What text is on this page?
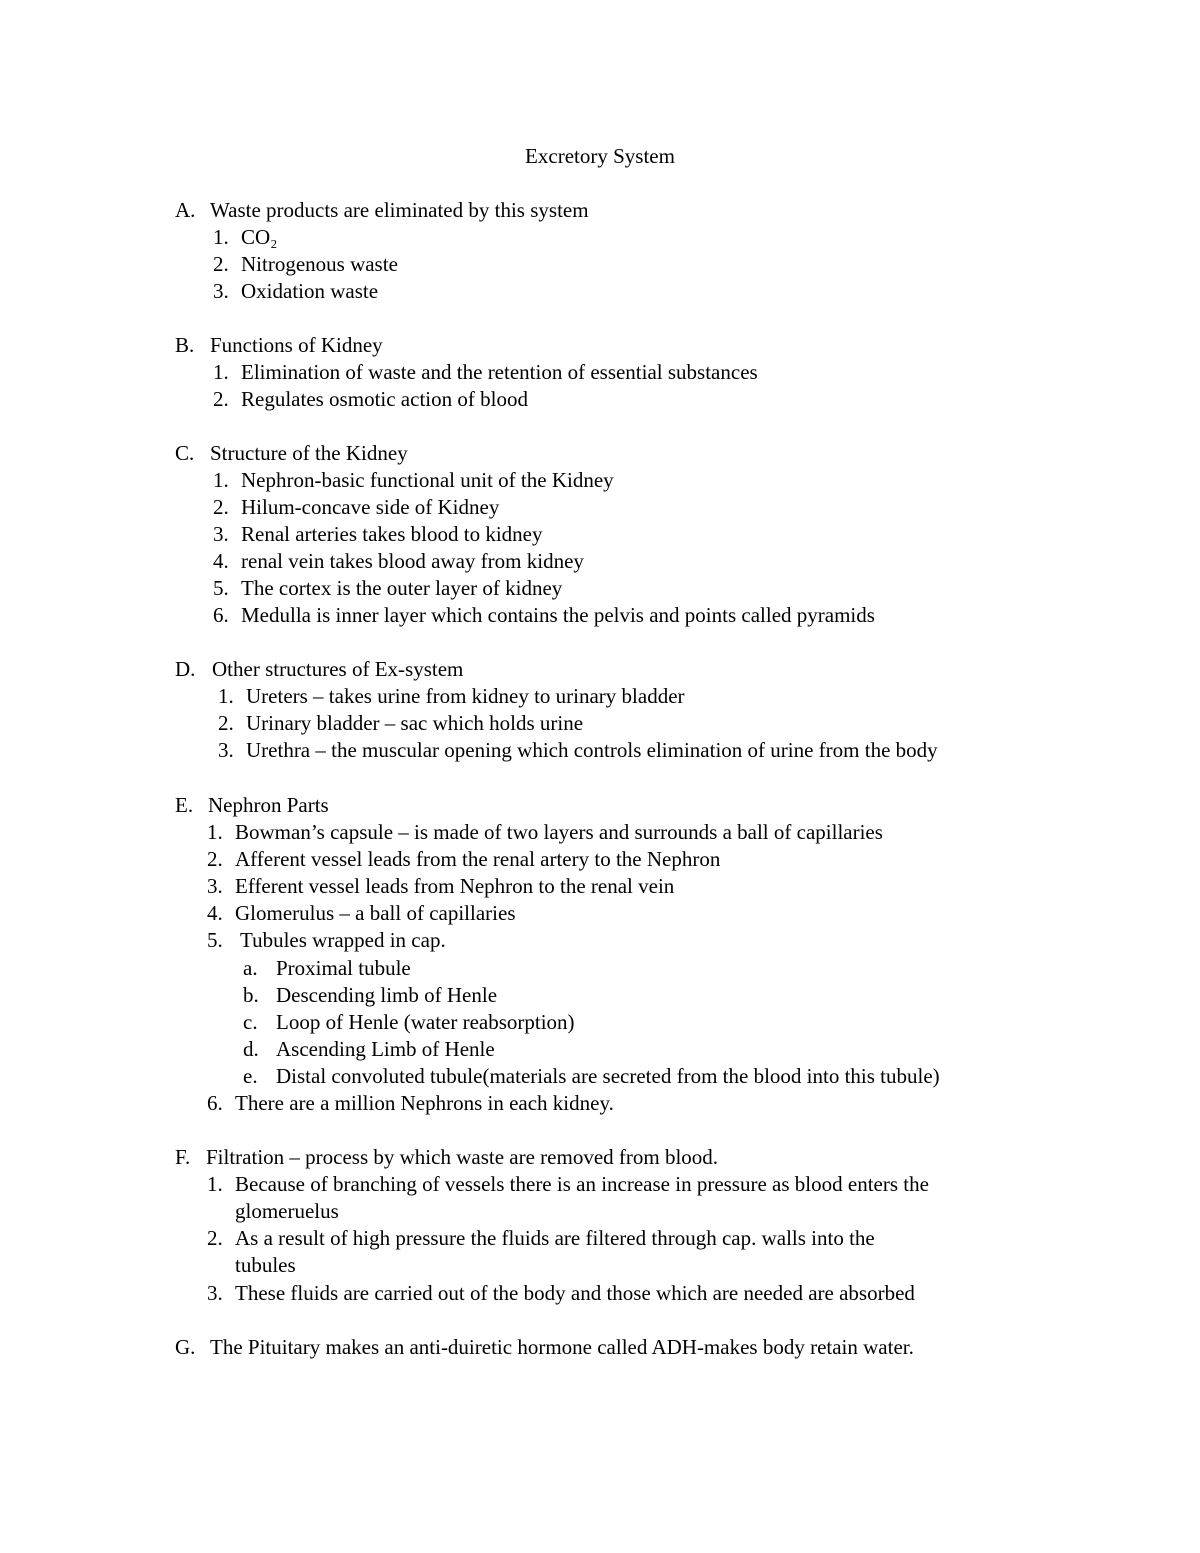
Excretory System
A. Waste products are eliminated by this system
1. CO₂
2. Nitrogenous waste
3. Oxidation waste
B. Functions of Kidney
1. Elimination of waste and the retention of essential substances
2. Regulates osmotic action of blood
C. Structure of the Kidney
1. Nephron-basic functional unit of the Kidney
2. Hilum-concave side of Kidney
3. Renal arteries takes blood to kidney
4. renal vein takes blood away from kidney
5. The cortex is the outer layer of kidney
6. Medulla is inner layer which contains the pelvis and points called pyramids
D. Other structures of Ex-system
1. Ureters – takes urine from kidney to urinary bladder
2. Urinary bladder – sac which holds urine
3. Urethra – the muscular opening which controls elimination of urine from the body
E. Nephron Parts
1. Bowman’s capsule – is made of two layers and surrounds a ball of capillaries
2. Afferent vessel leads from the renal artery to the Nephron
3. Efferent vessel leads from Nephron to the renal vein
4. Glomerulus – a ball of capillaries
5. Tubules wrapped in cap.
a. Proximal tubule
b. Descending limb of Henle
c. Loop of Henle (water reabsorption)
d. Ascending Limb of Henle
e. Distal convoluted tubule(materials are secreted from the blood into this tubule)
6. There are a million Nephrons in each kidney.
F. Filtration – process by which waste are removed from blood.
1. Because of branching of vessels there is an increase in pressure as blood enters the
glomeruelus
2. As a result of high pressure the fluids are filtered through cap. walls into the
tubules
3. These fluids are carried out of the body and those which are needed are absorbed
G. The Pituitary makes an anti-duiretic hormone called ADH-makes body retain water.
